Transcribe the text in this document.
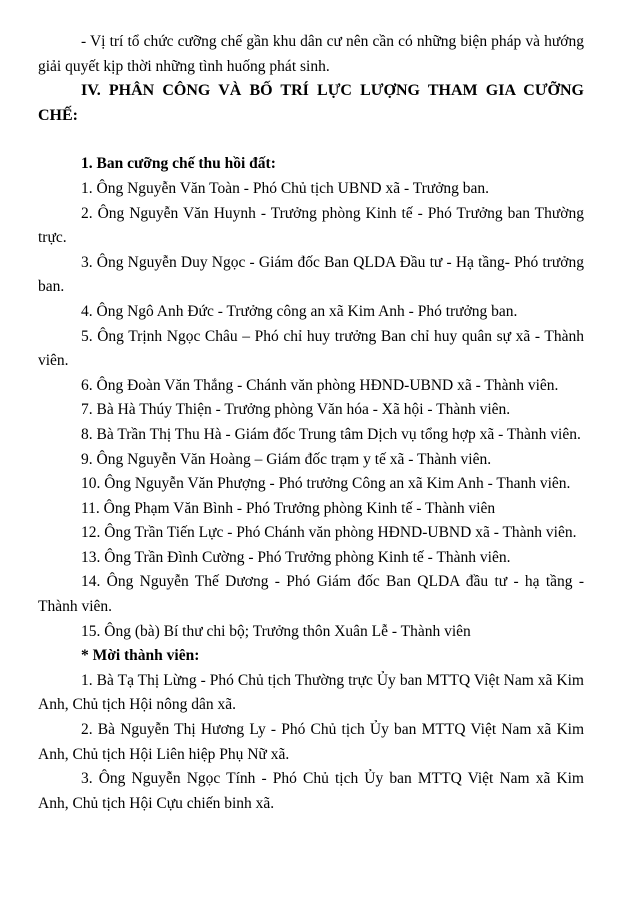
- Vị trí tổ chức cưỡng chế gần khu dân cư nên cần có những biện pháp và hướng giải quyết kịp thời những tình huống phát sinh.

IV. PHÂN CÔNG VÀ BỐ TRÍ LỰC LƯỢNG THAM GIA CƯỠNG CHẾ:

1. Ban cưỡng chế thu hồi đất:

1. Ông Nguyễn Văn Toàn - Phó Chủ tịch UBND xã - Trưởng ban.

2. Ông Nguyễn Văn Huynh - Trưởng phòng Kinh tế - Phó Trưởng ban Thường trực.

3. Ông Nguyễn Duy Ngọc - Giám đốc Ban QLDA Đầu tư - Hạ tầng- Phó trưởng ban.

4. Ông Ngô Anh Đức - Trưởng công an xã Kim Anh - Phó trưởng ban.

5. Ông Trịnh Ngọc Châu – Phó chỉ huy trưởng Ban chỉ huy quân sự xã - Thành viên.

6. Ông Đoàn Văn Thắng - Chánh văn phòng HĐND-UBND xã - Thành viên.

7. Bà Hà Thúy Thiện - Trưởng phòng Văn hóa - Xã hội - Thành viên.

8. Bà Trần Thị Thu Hà - Giám đốc Trung tâm Dịch vụ tổng hợp xã - Thành viên.

9. Ông Nguyễn Văn Hoàng – Giám đốc trạm y tế xã - Thành viên.

10. Ông Nguyễn Văn Phượng - Phó trưởng Công an xã Kim Anh - Thanh viên.

11. Ông Phạm Văn Bình - Phó Trưởng phòng Kinh tế - Thành viên

12. Ông Trần Tiến Lực - Phó Chánh văn phòng HĐND-UBND xã - Thành viên.

13. Ông Trần Đình Cường - Phó Trưởng phòng Kinh tế - Thành viên.

14. Ông Nguyễn Thế Dương - Phó Giám đốc Ban QLDA đầu tư - hạ tầng - Thành viên.

15. Ông (bà) Bí thư chi bộ; Trưởng thôn Xuân Lễ - Thành viên

* Mời thành viên:

1. Bà Tạ Thị Lừng - Phó Chủ tịch Thường trực Ủy ban MTTQ Việt Nam xã Kim Anh, Chủ tịch Hội nông dân xã.

2. Bà Nguyễn Thị Hương Ly - Phó Chủ tịch Ủy ban MTTQ Việt Nam xã Kim Anh, Chủ tịch Hội Liên hiệp Phụ Nữ xã.

3. Ông Nguyễn Ngọc Tính - Phó Chủ tịch Ủy ban MTTQ Việt Nam xã Kim Anh, Chủ tịch Hội Cựu chiến binh xã.
